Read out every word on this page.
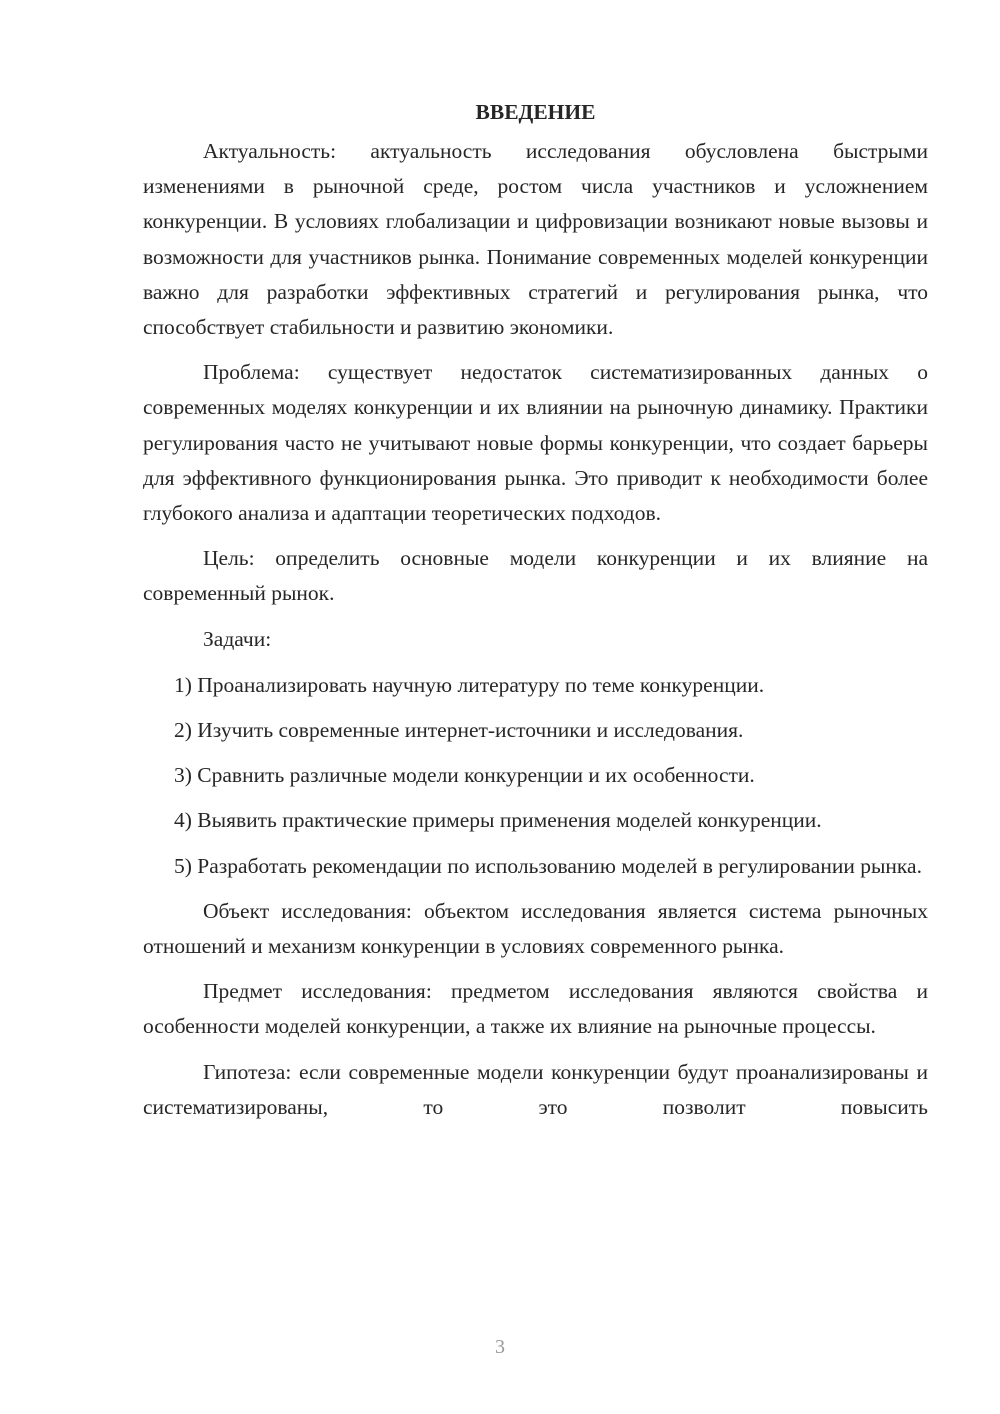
ВВЕДЕНИЕ

Актуальность: актуальность исследования обусловлена быстрыми изменениями в рыночной среде, ростом числа участников и усложнением конкуренции. В условиях глобализации и цифровизации возникают новые вызовы и возможности для участников рынка. Понимание современных моделей конкуренции важно для разработки эффективных стратегий и регулирования рынка, что способствует стабильности и развитию экономики.

Проблема: существует недостаток систематизированных данных о современных моделях конкуренции и их влиянии на рыночную динамику. Практики регулирования часто не учитывают новые формы конкуренции, что создает барьеры для эффективного функционирования рынка. Это приводит к необходимости более глубокого анализа и адаптации теоретических подходов.

Цель: определить основные модели конкуренции и их влияние на современный рынок.

Задачи:

1) Проанализировать научную литературу по теме конкуренции.

2) Изучить современные интернет-источники и исследования.

3) Сравнить различные модели конкуренции и их особенности.

4) Выявить практические примеры применения моделей конкуренции.

5) Разработать рекомендации по использованию моделей в регулировании рынка.

Объект исследования: объектом исследования является система рыночных отношений и механизм конкуренции в условиях современного рынка.

Предмет исследования: предметом исследования являются свойства и особенности моделей конкуренции, а также их влияние на рыночные процессы.

Гипотеза: если современные модели конкуренции будут проанализированы и систематизированы, то это позволит повысить

3
